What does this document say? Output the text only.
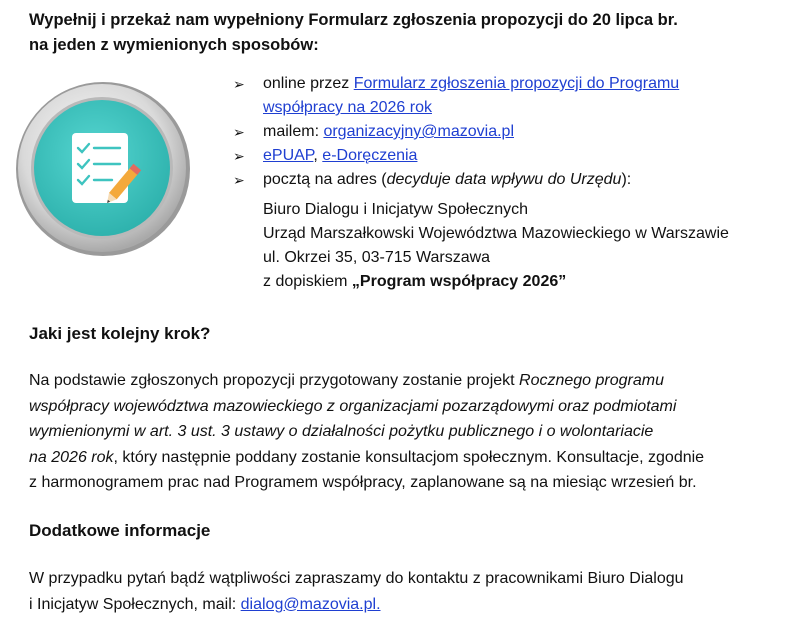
Wypełnij i przekaż nam wypełniony Formularz zgłoszenia propozycji do 20 lipca br.
na jeden z wymienionych sposobów:
➢	online przez Formularz zgłoszenia propozycji do Programu
współpracy na 2026 rok
➢	mailem: organizacyjny@mazovia.pl
➢	ePUAP, e-Doręczenia
➢	pocztą na adres (decyduje data wpływu do Urzędu):
Biuro Dialogu i Inicjatyw Społecznych
Urząd Marszałkowski Województwa Mazowieckiego w Warszawie
ul. Okrzei 35, 03-715 Warszawa
z dopiskiem „Program współpracy 2026”
Jaki jest kolejny krok?
Na podstawie zgłoszonych propozycji przygotowany zostanie projekt Rocznego programu
współpracy województwa mazowieckiego z organizacjami pozarządowymi oraz podmiotami
wymienionymi w art. 3 ust. 3 ustawy o działalności pożytku publicznego i o wolontariacie
na 2026 rok, który następnie poddany zostanie konsultacjom społecznym. Konsultacje, zgodnie
z harmonogramem prac nad Programem współpracy, zaplanowane są na miesiąc wrzesień br.
Dodatkowe informacje
W przypadku pytań bądź wątpliwości zapraszamy do kontaktu z pracownikami Biuro Dialogu
i Inicjatyw Społecznych, mail: dialog@mazovia.pl.
